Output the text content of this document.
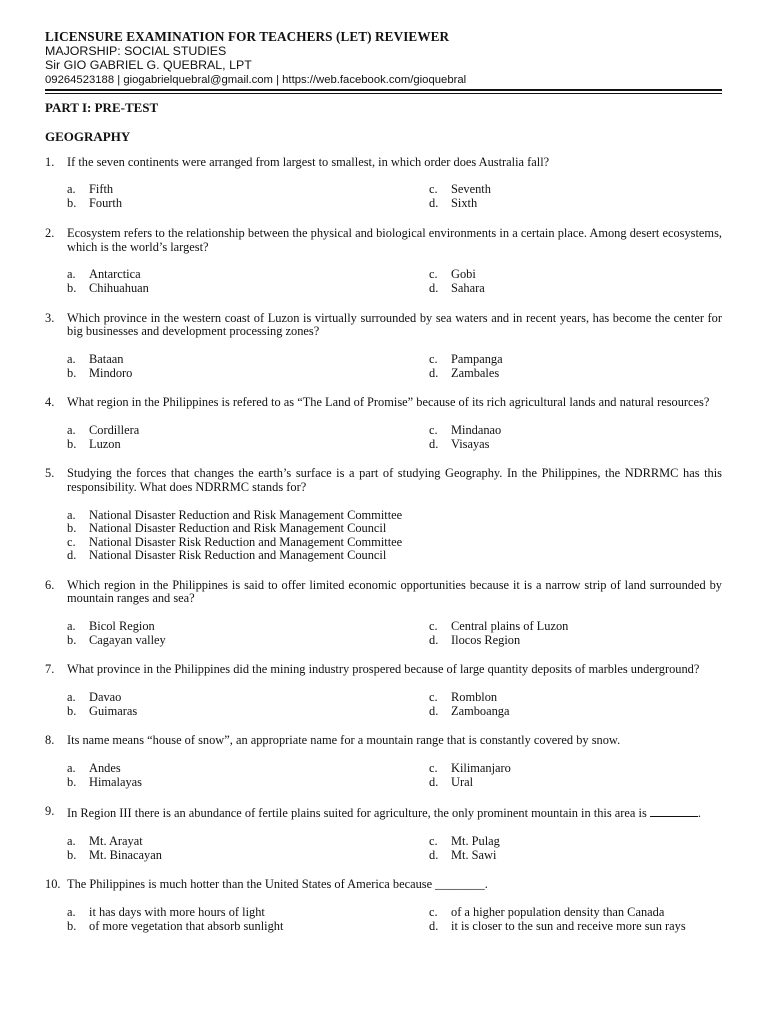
LICENSURE EXAMINATION FOR TEACHERS (LET) REVIEWER
MAJORSHIP: SOCIAL STUDIES
Sir GIO GABRIEL G. QUEBRAL, LPT
09264523188 | giogabrielquebral@gmail.com | https://web.facebook.com/gioquebral
PART I: PRE-TEST
GEOGRAPHY
1.	If the seven continents were arranged from largest to smallest, in which order does Australia fall?
a.	Fifth
b.	Fourth
c.	Seventh
d.	Sixth
2.	Ecosystem refers to the relationship between the physical and biological environments in a certain place. Among desert ecosystems, which is the world’s largest?
a.	Antarctica
b.	Chihuahuan
c.	Gobi
d.	Sahara
3.	Which province in the western coast of Luzon is virtually surrounded by sea waters and in recent years, has become the center for big businesses and development processing zones?
a.	Bataan
b.	Mindoro
c.	Pampanga
d.	Zambales
4.	What region in the Philippines is refered to as “The Land of Promise” because of its rich agricultural lands and natural resources?
a.	Cordillera
b.	Luzon
c.	Mindanao
d.	Visayas
5.	Studying the forces that changes the earth’s surface is a part of studying Geography. In the Philippines, the NDRRMC has this responsibility. What does NDRRMC stands for?
a.	National Disaster Reduction and Risk Management Committee
b.	National Disaster Reduction and Risk Management Council
c.	National Disaster Risk Reduction and Management Committee
d.	National Disaster Risk Reduction and Management Council
6.	Which region in the Philippines is said to offer limited economic opportunities because it is a narrow strip of land surrounded by mountain ranges and sea?
a.	Bicol Region
b.	Cagayan valley
c.	Central plains of Luzon
d.	Ilocos Region
7.	What province in the Philippines did the mining industry prospered because of large quantity deposits of marbles underground?
a.	Davao
b.	Guimaras
c.	Romblon
d.	Zamboanga
8.	Its name means “house of snow”, an appropriate name for a mountain range that is constantly covered by snow.
a.	Andes
b.	Himalayas
c.	Kilimanjaro
d.	Ural
9.	In Region III there is an abundance of fertile plains suited for agriculture, the only prominent mountain in this area is	.
a.	Mt. Arayat
b.	Mt. Binacayan
c.	Mt. Pulag
d.	Mt. Sawi
10. The Philippines is much hotter than the United States of America because ________.
a.	it has days with more hours of light
b.	of more vegetation that absorb sunlight
c.	of a higher population density than Canada
d.	it is closer to the sun and receive more sun rays
